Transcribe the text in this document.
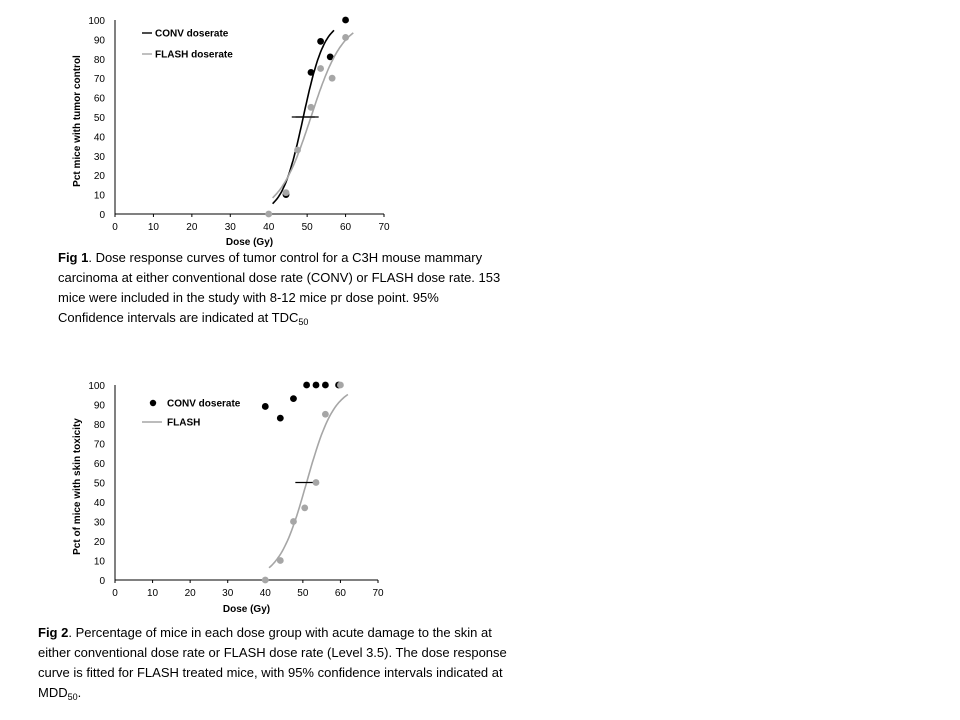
0	10	20	30	40	50	60	70
0
10
20
30
40
50
60
70
80
90
100
Dose (Gy)
Pct mice with tumor control
CONV doserate
FLASH doserate
0	10	20	30	40	50	60	70
0
10
20
30
40
50
60
70
80
90
100
Dose (Gy)
Pct of mice with skin toxicity
CONV doserate
FLASH

Fig 1. Dose response curves of tumor control for a C3H mouse mammary carcinoma at either conventional dose rate (CONV) or FLASH dose rate. 153 mice were included in the study with 8-12 mice pr dose point. 95% Confidence intervals are indicated at $TDC_{50}$

Fig 2. Percentage of mice in each dose group with acute damage to the skin at either conventional dose rate or FLASH dose rate (Level 3.5). The dose response curve is fitted for FLASH treated mice, with 95% confidence intervals indicated at $MDD_{50}$.
